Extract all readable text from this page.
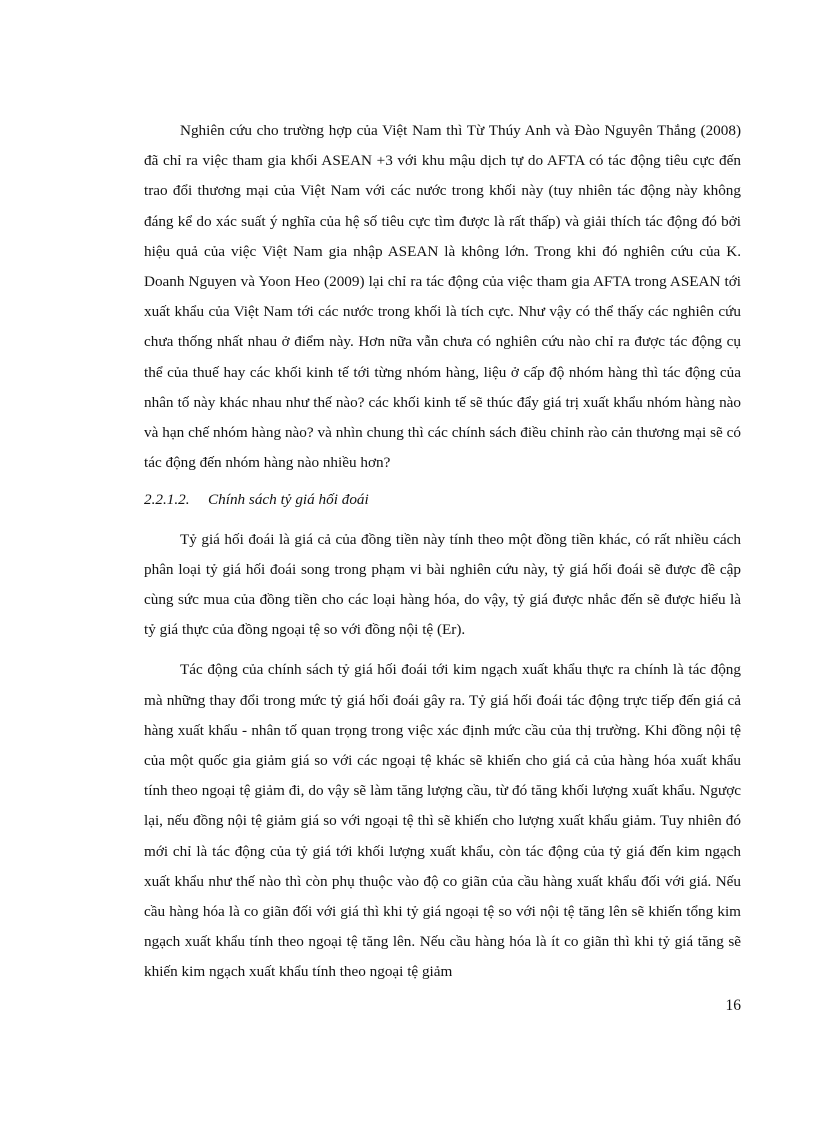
Nghiên cứu cho trường hợp của Việt Nam thì Từ Thúy Anh và Đào Nguyên Thắng (2008) đã chỉ ra việc tham gia khối ASEAN +3 với khu mậu dịch tự do AFTA có tác động tiêu cực đến trao đổi thương mại của Việt Nam với các nước trong khối này (tuy nhiên tác động này không đáng kể do xác suất ý nghĩa của hệ số tiêu cực tìm được là rất thấp) và giải thích tác động đó bởi hiệu quả của việc Việt Nam gia nhập ASEAN là không lớn. Trong khi đó nghiên cứu của K. Doanh Nguyen và Yoon Heo (2009) lại chỉ ra tác động của việc tham gia AFTA trong ASEAN tới xuất khẩu của Việt Nam tới các nước trong khối là tích cực. Như vậy có thể thấy các nghiên cứu chưa thống nhất nhau ở điểm này. Hơn nữa vẫn chưa có nghiên cứu nào chỉ ra được tác động cụ thể của thuế hay các khối kinh tế tới từng nhóm hàng, liệu ở cấp độ nhóm hàng thì tác động của nhân tố này khác nhau như thế nào? các khối kinh tế sẽ thúc đẩy giá trị xuất khẩu nhóm hàng nào và hạn chế nhóm hàng nào? và nhìn chung thì các chính sách điều chỉnh rào cản thương mại sẽ có tác động đến nhóm hàng nào nhiều hơn?

2.2.1.2. Chính sách tỷ giá hối đoái

Tỷ giá hối đoái là giá cả của đồng tiền này tính theo một đồng tiền khác, có rất nhiều cách phân loại tỷ giá hối đoái song trong phạm vi bài nghiên cứu này, tỷ giá hối đoái sẽ được đề cập cùng sức mua của đồng tiền cho các loại hàng hóa, do vậy, tỷ giá được nhắc đến sẽ được hiểu là tỷ giá thực của đồng ngoại tệ so với đồng nội tệ (Er).

Tác động của chính sách tỷ giá hối đoái tới kim ngạch xuất khẩu thực ra chính là tác động mà những thay đổi trong mức tỷ giá hối đoái gây ra. Tỷ giá hối đoái tác động trực tiếp đến giá cả hàng xuất khẩu - nhân tố quan trọng trong việc xác định mức cầu của thị trường. Khi đồng nội tệ của một quốc gia giảm giá so với các ngoại tệ khác sẽ khiến cho giá cả của hàng hóa xuất khẩu tính theo ngoại tệ giảm đi, do vậy sẽ làm tăng lượng cầu, từ đó tăng khối lượng xuất khẩu. Ngược lại, nếu đồng nội tệ giảm giá so với ngoại tệ thì sẽ khiến cho lượng xuất khẩu giảm. Tuy nhiên đó mới chỉ là tác động của tỷ giá tới khối lượng xuất khẩu, còn tác động của tỷ giá đến kim ngạch xuất khẩu như thế nào thì còn phụ thuộc vào độ co giãn của cầu hàng xuất khẩu đối với giá. Nếu cầu hàng hóa là co giãn đối với giá thì khi tỷ giá ngoại tệ so với nội tệ tăng lên sẽ khiến tổng kim ngạch xuất khẩu tính theo ngoại tệ tăng lên. Nếu cầu hàng hóa là ít co giãn thì khi tỷ giá tăng sẽ khiến kim ngạch xuất khẩu tính theo ngoại tệ giảm

16
